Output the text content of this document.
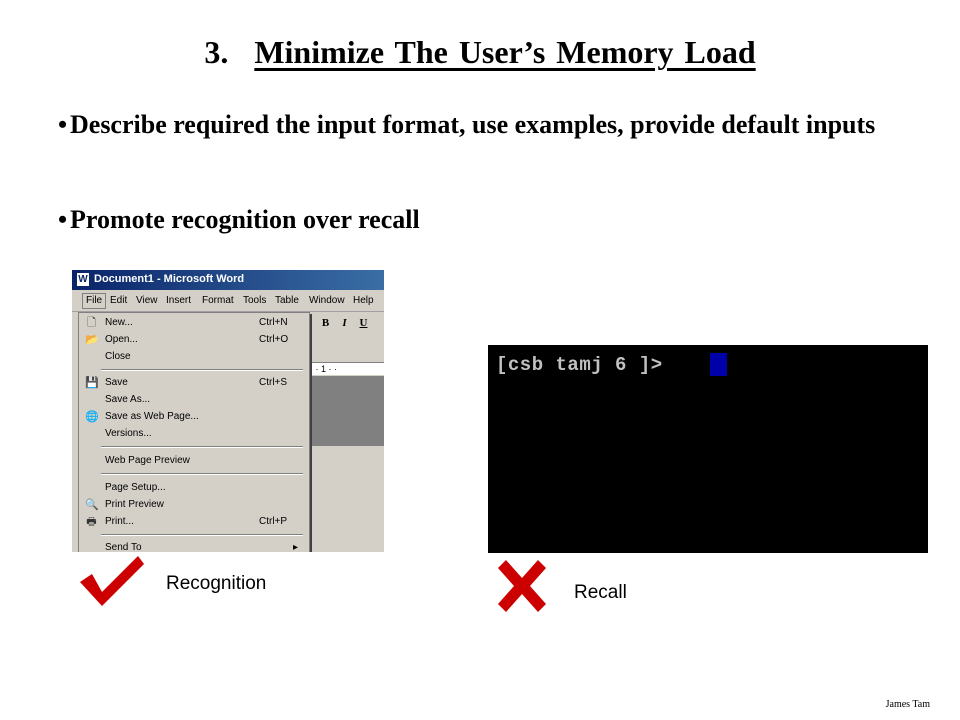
3. Minimize The User’s Memory Load
• Describe required the input format, use examples, provide default inputs
• Promote recognition over recall
W Document1 - Microsoft Word
File Edit View Insert Format Tools Table Window Help
B	I	U
· · 1 · ·
🗋 New...	Ctrl+N
📂 Open...	Ctrl+O
Close
💾 Save	Ctrl+S
Save As...
🌐 Save as Web Page...
Versions...
Web Page Preview
Page Setup...
🔍 Print Preview
🖶 Print...	Ctrl+P
Send To	▸
[csb tamj 6 ]>
Recognition	Recall
James Tam
